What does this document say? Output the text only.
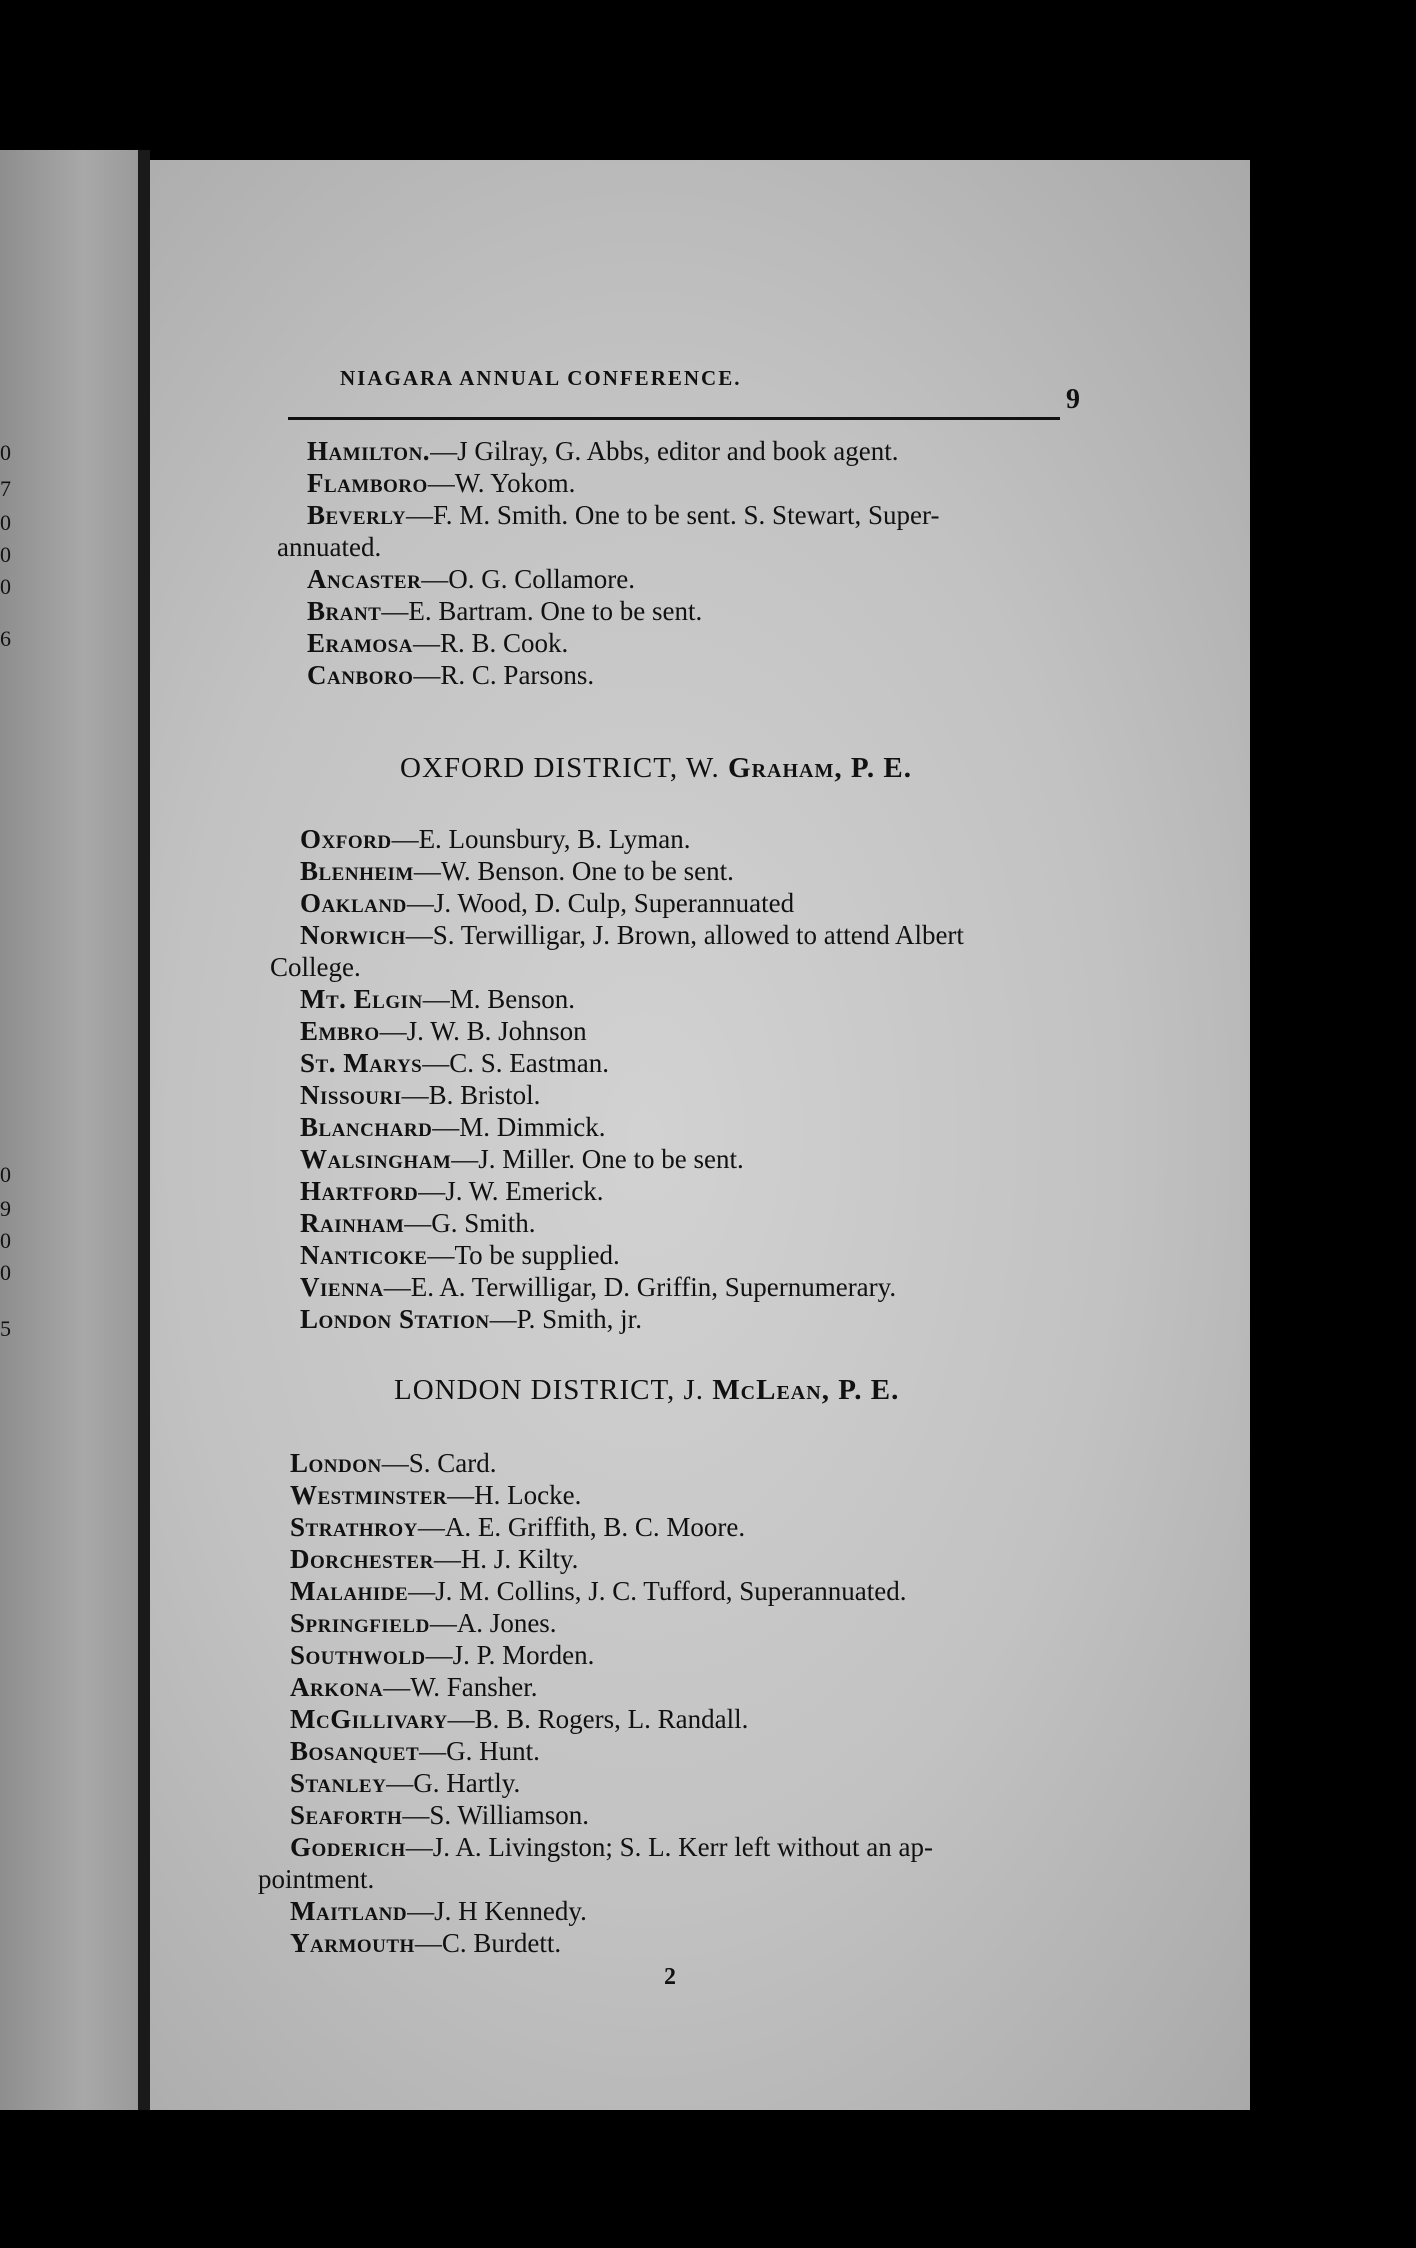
0
7
0
0
0
6
0
9
0
0
5
NIAGARA ANNUAL CONFERENCE.
9
Hamilton.—J Gilray, G. Abbs, editor and book agent.
Flamboro—W. Yokom.
Beverly—F. M. Smith. One to be sent. S. Stewart, Super-
annuated.
Ancaster—O. G. Collamore.
Brant—E. Bartram. One to be sent.
Eramosa—R. B. Cook.
Canboro—R. C. Parsons.
OXFORD DISTRICT, W. Graham, P. E.
Oxford—E. Lounsbury, B. Lyman.
Blenheim—W. Benson. One to be sent.
Oakland—J. Wood, D. Culp, Superannuated
Norwich—S. Terwilligar, J. Brown, allowed to attend Albert
College.
Mt. Elgin—M. Benson.
Embro—J. W. B. Johnson
St. Marys—C. S. Eastman.
Nissouri—B. Bristol.
Blanchard—M. Dimmick.
Walsingham—J. Miller. One to be sent.
Hartford—J. W. Emerick.
Rainham—G. Smith.
Nanticoke—To be supplied.
Vienna—E. A. Terwilligar, D. Griffin, Supernumerary.
London Station—P. Smith, jr.
LONDON DISTRICT, J. McLean, P. E.
London—S. Card.
Westminster—H. Locke.
Strathroy—A. E. Griffith, B. C. Moore.
Dorchester—H. J. Kilty.
Malahide—J. M. Collins, J. C. Tufford, Superannuated.
Springfield—A. Jones.
Southwold—J. P. Morden.
Arkona—W. Fansher.
McGillivary—B. B. Rogers, L. Randall.
Bosanquet—G. Hunt.
Stanley—G. Hartly.
Seaforth—S. Williamson.
Goderich—J. A. Livingston; S. L. Kerr left without an ap-
pointment.
Maitland—J. H Kennedy.
Yarmouth—C. Burdett.
2
